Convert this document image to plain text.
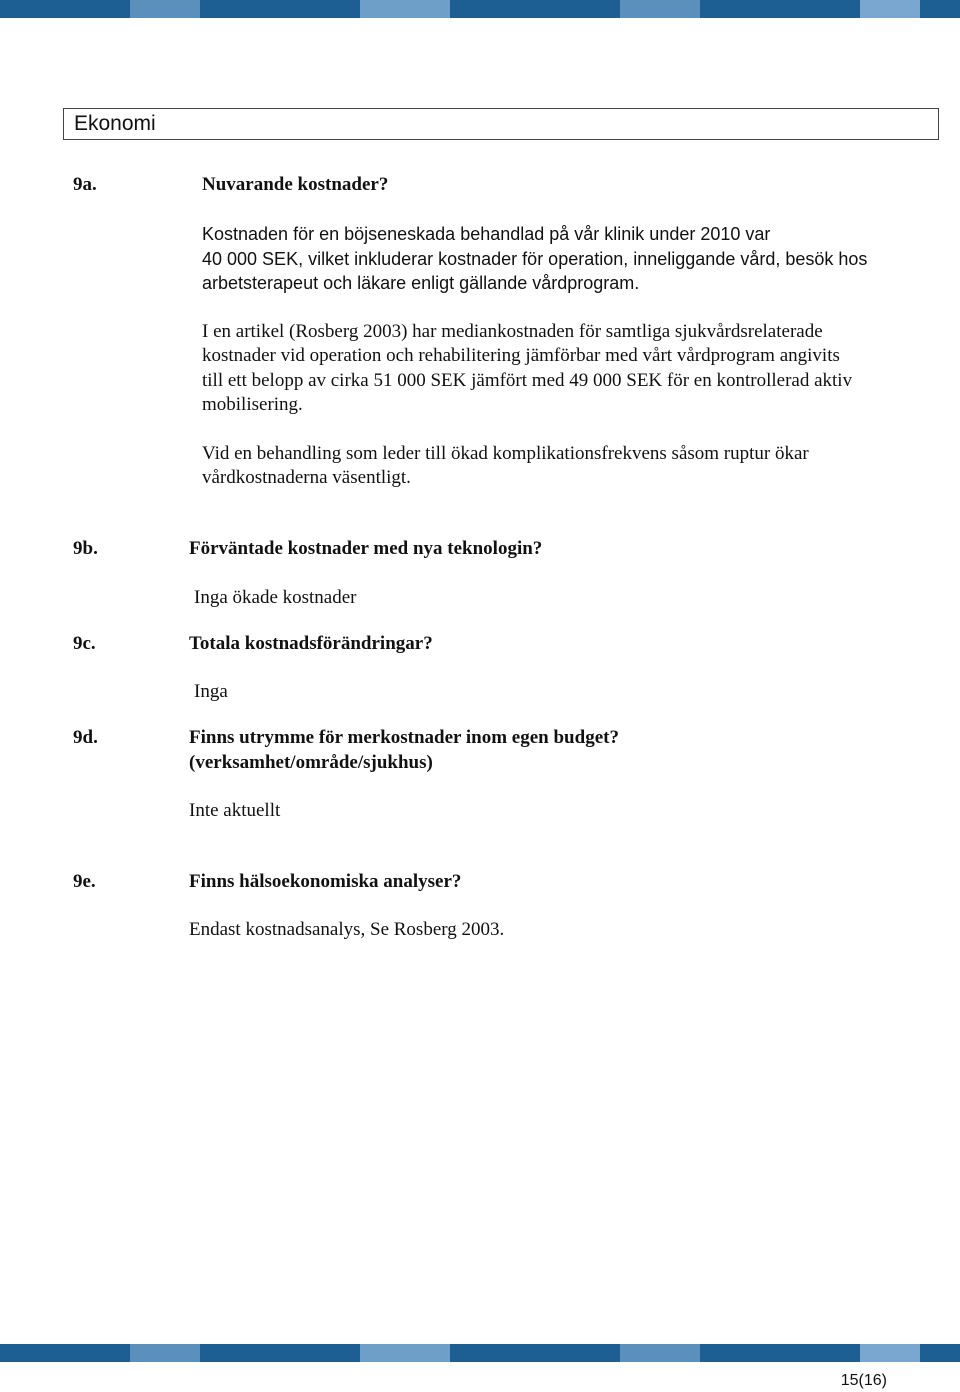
Ekonomi
9a.	Nuvarande kostnader?
Kostnaden för en böjseneskada behandlad på vår klinik under 2010 var
40 000 SEK, vilket inkluderar kostnader för operation, inneliggande vård, besök hos
arbetsterapeut och läkare enligt gällande vårdprogram.
I en artikel (Rosberg 2003) har mediankostnaden för samtliga sjukvårdsrelaterade
kostnader vid operation och rehabilitering jämförbar med vårt vårdprogram angivits
till ett belopp av cirka 51 000 SEK jämfört med 49 000 SEK för en kontrollerad aktiv
mobilisering.
Vid en behandling som leder till ökad komplikationsfrekvens såsom ruptur ökar
vårdkostnaderna väsentligt.
9b.	Förväntade kostnader med nya teknologin?
Inga ökade kostnader
9c.	Totala kostnadsförändringar?
Inga
9d.	Finns utrymme för merkostnader inom egen budget?
(verksamhet/område/sjukhus)
Inte aktuellt
9e.	Finns hälsoekonomiska analyser?
Endast kostnadsanalys, Se Rosberg 2003.
15(16)
